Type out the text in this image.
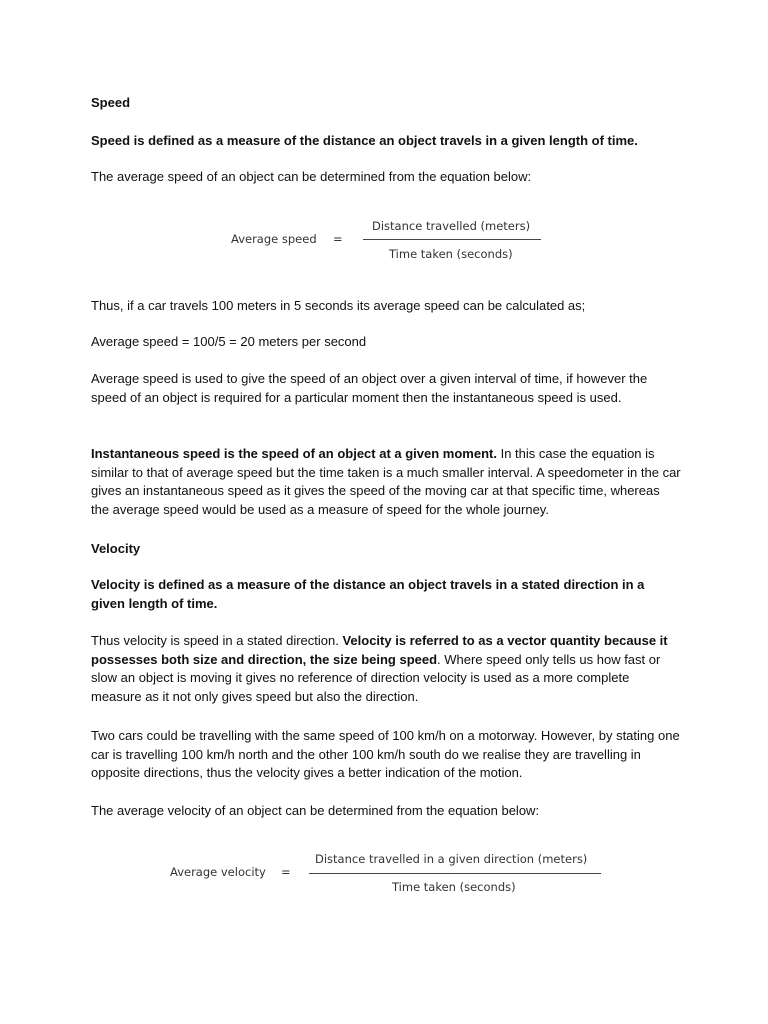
Speed

Speed is defined as a measure of the distance an object travels in a given length of time.

The average speed of an object can be determined from the equation below:

Average speed =
Distance travelled (meters)
Time taken (seconds)

Thus, if a car travels 100 meters in 5 seconds its average speed can be calculated as;

Average speed = 100/5 = 20 meters per second

Average speed is used to give the speed of an object over a given interval of time, if however the speed of an object is required for a particular moment then the instantaneous speed is used.

Instantaneous speed is the speed of an object at a given moment. In this case the equation is similar to that of average speed but the time taken is a much smaller interval. A speedometer in the car gives an instantaneous speed as it gives the speed of the moving car at that specific time, whereas the average speed would be used as a measure of speed for the whole journey.

Velocity

Velocity is defined as a measure of the distance an object travels in a stated direction in a given length of time.

Thus velocity is speed in a stated direction. Velocity is referred to as a vector quantity because it possesses both size and direction, the size being speed. Where speed only tells us how fast or slow an object is moving it gives no reference of direction velocity is used as a more complete measure as it not only gives speed but also the direction.

Two cars could be travelling with the same speed of 100 km/h on a motorway. However, by stating one car is travelling 100 km/h north and the other 100 km/h south do we realise they are travelling in opposite directions, thus the velocity gives a better indication of the motion.

The average velocity of an object can be determined from the equation below:

Average velocity =
Distance travelled in a given direction (meters)
Time taken (seconds)
